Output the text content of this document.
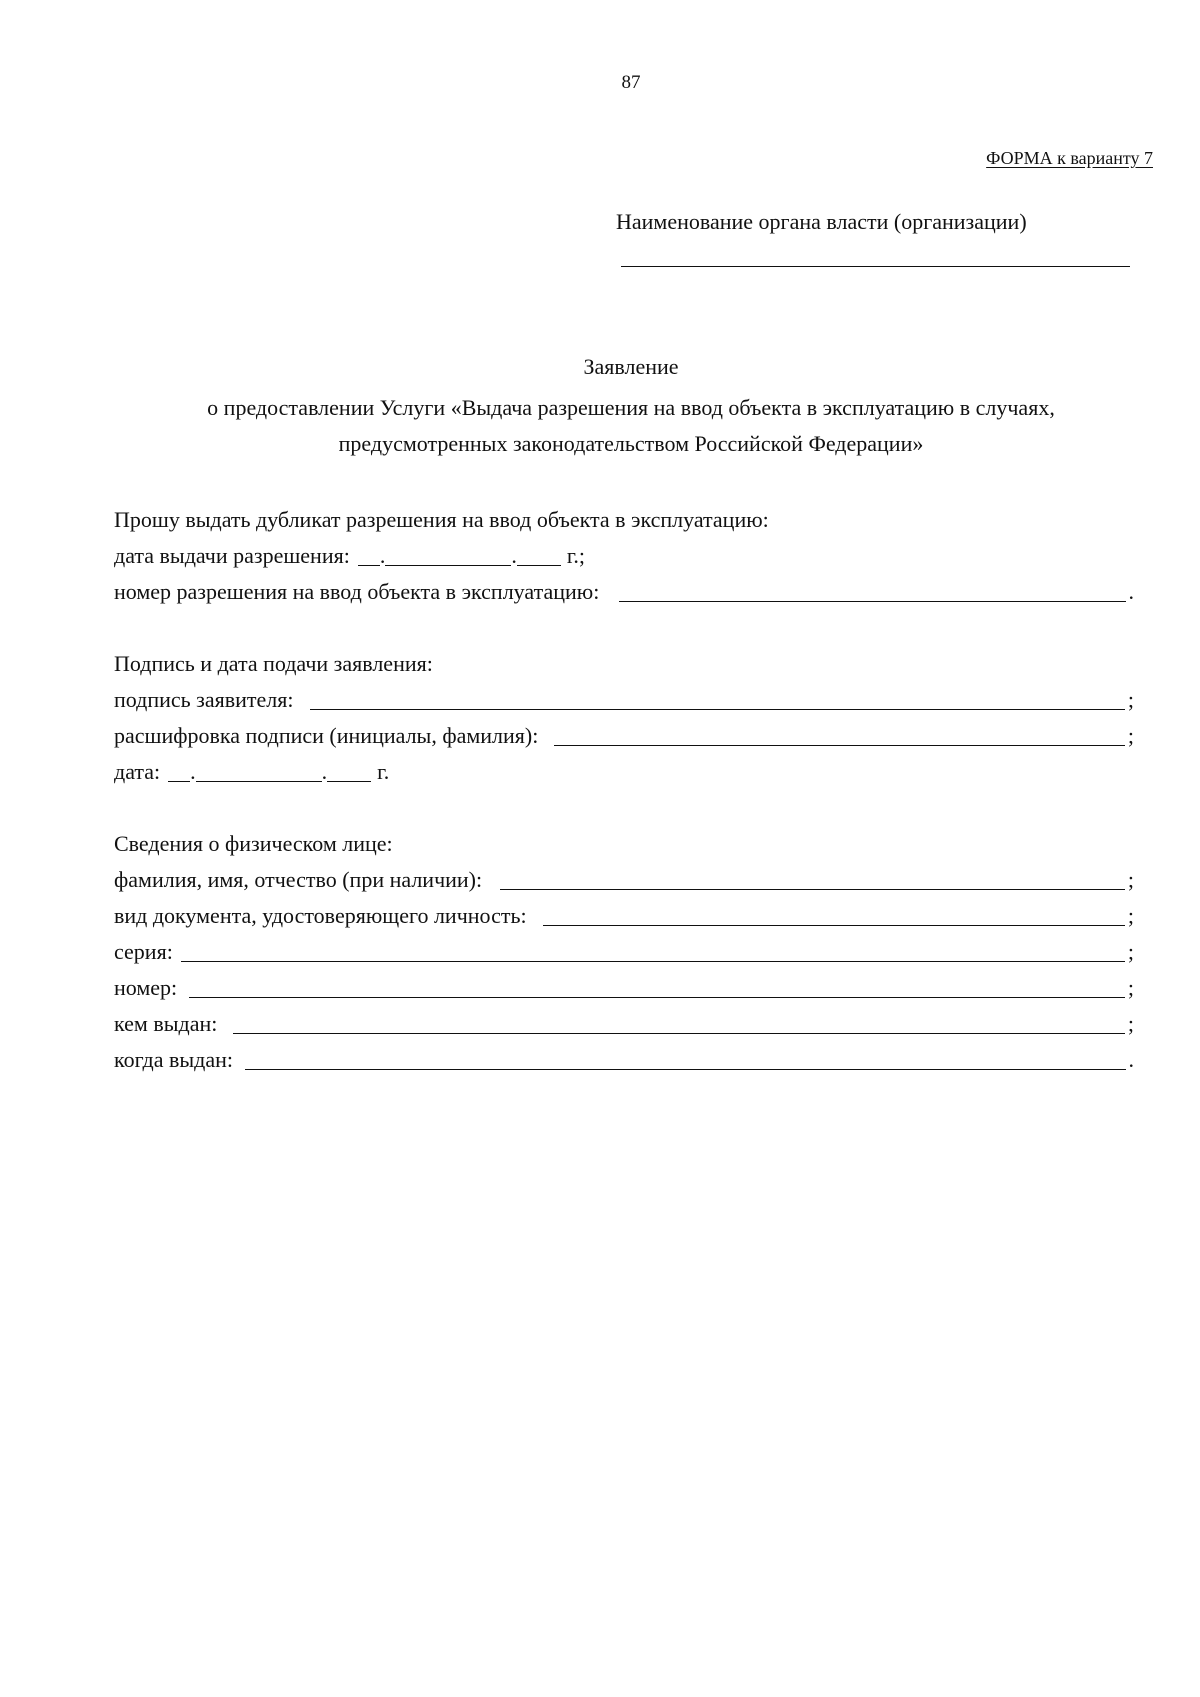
87
ФОРМА к варианту 7
Наименование органа власти (организации)
Заявление
о предоставлении Услуги «Выдача разрешения на ввод объекта в эксплуатацию в случаях, предусмотренных законодательством Российской Федерации»
Прошу выдать дубликат разрешения на ввод объекта в эксплуатацию:
дата выдачи разрешения: .	. г.;
номер разрешения на ввод объекта в эксплуатацию:	.
Подпись и дата подачи заявления:
подпись заявителя:	;
расшифровка подписи (инициалы, фамилия):	;
дата: .	. г.
Сведения о физическом лице:
фамилия, имя, отчество (при наличии):	;
вид документа, удостоверяющего личность:	;
серия:	;
номер:	;
кем выдан:	;
когда выдан:	.
